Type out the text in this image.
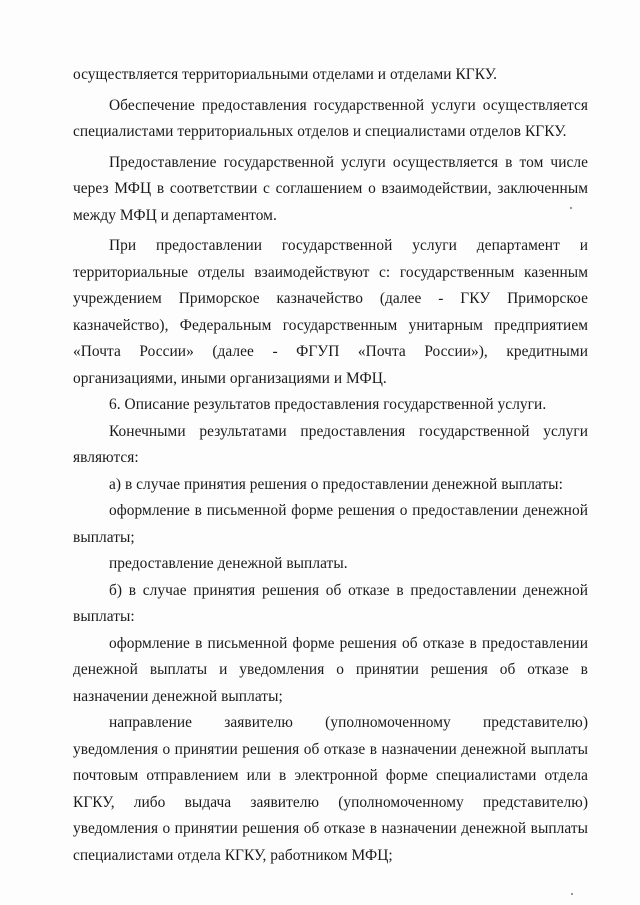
осуществляется территориальными отделами и отделами КГКУ.

Обеспечение предоставления государственной услуги осуществляется специалистами территориальных отделов и специалистами отделов КГКУ.

Предоставление государственной услуги осуществляется в том числе через МФЦ в соответствии с соглашением о взаимодействии, заключенным между МФЦ и департаментом.

При предоставлении государственной услуги департамент и территориальные отделы взаимодействуют с: государственным казенным учреждением Приморское казначейство (далее - ГКУ Приморское казначейство), Федеральным государственным унитарным предприятием «Почта России» (далее - ФГУП «Почта России»), кредитными организациями, иными организациями и МФЦ.

6. Описание результатов предоставления государственной услуги.

Конечными результатами предоставления государственной услуги являются:

а) в случае принятия решения о предоставлении денежной выплаты:

оформление в письменной форме решения о предоставлении денежной выплаты;

предоставление денежной выплаты.

б) в случае принятия решения об отказе в предоставлении денежной выплаты:

оформление в письменной форме решения об отказе в предоставлении денежной выплаты и уведомления о принятии решения об отказе в назначении денежной выплаты;

направление заявителю (уполномоченному представителю) уведомления о принятии решения об отказе в назначении денежной выплаты почтовым отправлением или в электронной форме специалистами отдела КГКУ, либо выдача заявителю (уполномоченному представителю) уведомления о принятии решения об отказе в назначении денежной выплаты специалистами отдела КГКУ, работником МФЦ;
